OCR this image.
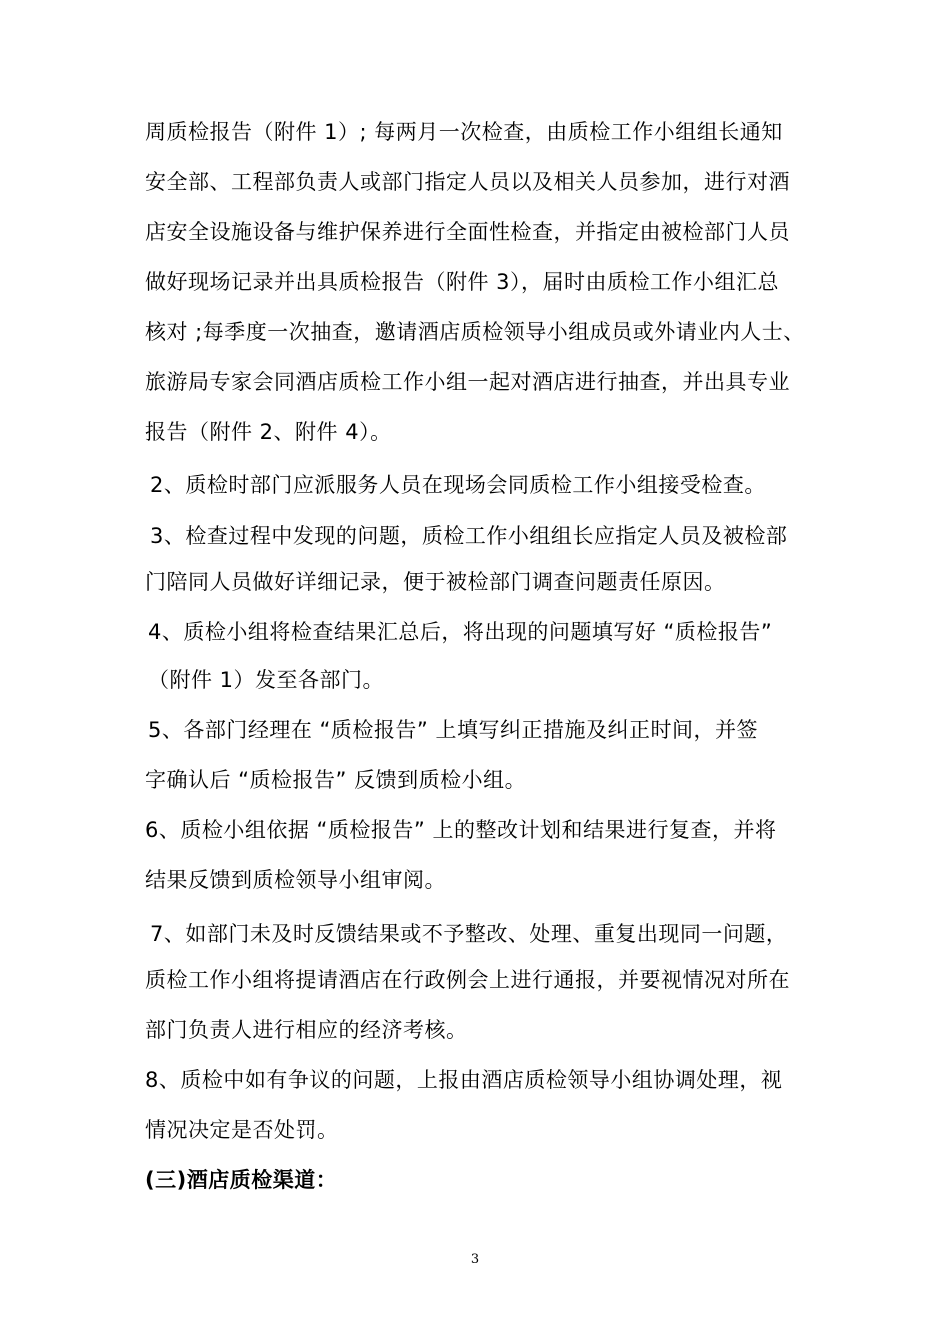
周质检报告（附件 1）; 每两月一次检查，由质检工作小组组长通知
安全部、工程部负责人或部门指定人员以及相关人员参加，进行对酒
店安全设施设备与维护保养进行全面性检查，并指定由被检部门人员
做好现场记录并出具质检报告（附件 3），届时由质检工作小组汇总
核对 ;每季度一次抽查，邀请酒店质检领导小组成员或外请业内人士、
旅游局专家会同酒店质检工作小组一起对酒店进行抽查，并出具专业
报告（附件 2、附件 4）。
2、质检时部门应派服务人员在现场会同质检工作小组接受检查。
3、检查过程中发现的问题，质检工作小组组长应指定人员及被检部
门陪同人员做好详细记录，便于被检部门调查问题责任原因。
4、质检小组将检查结果汇总后，将出现的问题填写好 “质检报告”
（附件 1）发至各部门。
5、各部门经理在 “质检报告” 上填写纠正措施及纠正时间，并签
字确认后 “质检报告” 反馈到质检小组。
6、质检小组依据 “质检报告” 上的整改计划和结果进行复查，并将
结果反馈到质检领导小组审阅。
7、如部门未及时反馈结果或不予整改、处理、重复出现同一问题，
质检工作小组将提请酒店在行政例会上进行通报，并要视情况对所在
部门负责人进行相应的经济考核。
8、质检中如有争议的问题，上报由酒店质检领导小组协调处理，视
情况决定是否处罚。
(三)酒店质检渠道：
3
